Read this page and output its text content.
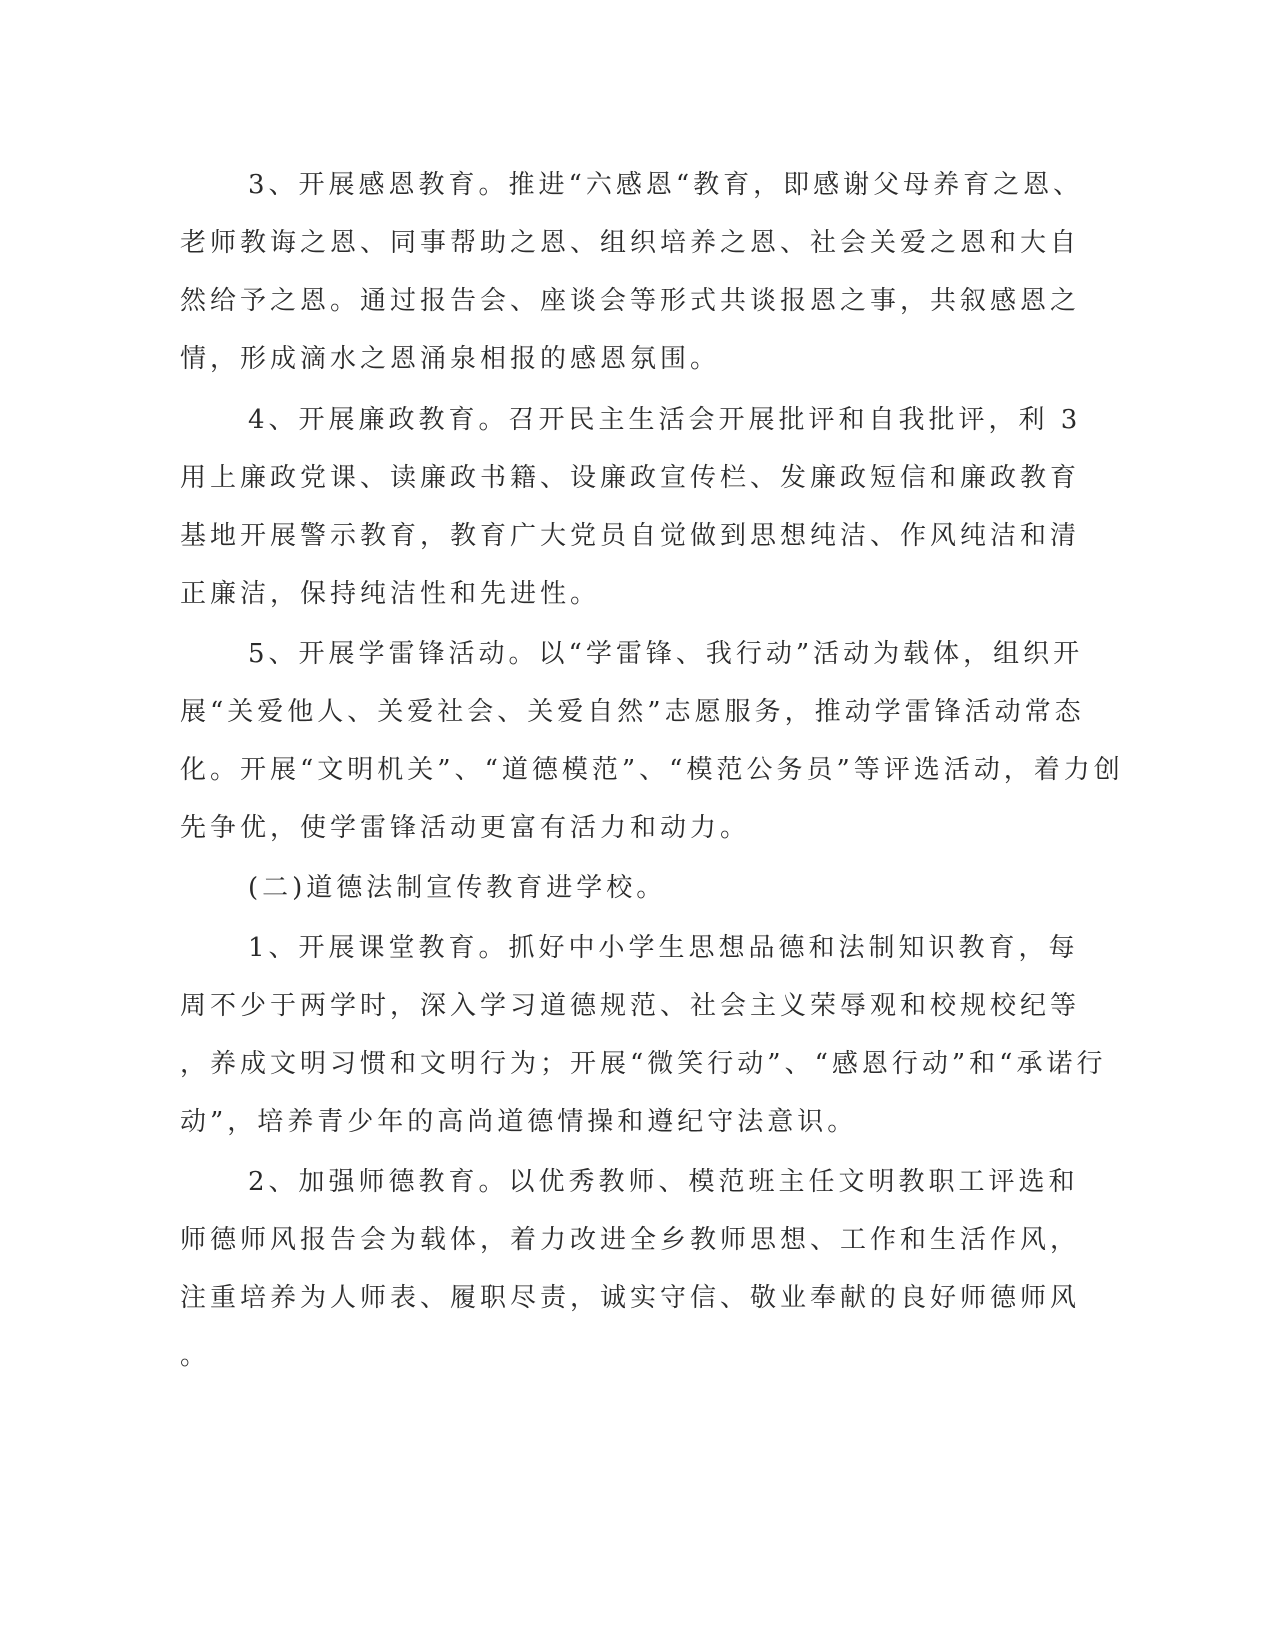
3、开展感恩教育。推进“六感恩“教育，即感谢父母养育之恩、
老师教诲之恩、同事帮助之恩、组织培养之恩、社会关爱之恩和大自
然给予之恩。通过报告会、座谈会等形式共谈报恩之事，共叙感恩之
情，形成滴水之恩涌泉相报的感恩氛围。
4、开展廉政教育。召开民主生活会开展批评和自我批评，利 3
用上廉政党课、读廉政书籍、设廉政宣传栏、发廉政短信和廉政教育
基地开展警示教育，教育广大党员自觉做到思想纯洁、作风纯洁和清
正廉洁，保持纯洁性和先进性。
5、开展学雷锋活动。以“学雷锋、我行动”活动为载体，组织开
展“关爱他人、关爱社会、关爱自然”志愿服务，推动学雷锋活动常态
化。开展“文明机关”、“道德模范”、“模范公务员”等评选活动，着力创
先争优，使学雷锋活动更富有活力和动力。
(二)道德法制宣传教育进学校。
1、开展课堂教育。抓好中小学生思想品德和法制知识教育，每
周不少于两学时，深入学习道德规范、社会主义荣辱观和校规校纪等
，养成文明习惯和文明行为；开展“微笑行动”、“感恩行动”和“承诺行
动”，培养青少年的高尚道德情操和遵纪守法意识。
2、加强师德教育。以优秀教师、模范班主任文明教职工评选和
师德师风报告会为载体，着力改进全乡教师思想、工作和生活作风，
注重培养为人师表、履职尽责，诚实守信、敬业奉献的良好师德师风
。
